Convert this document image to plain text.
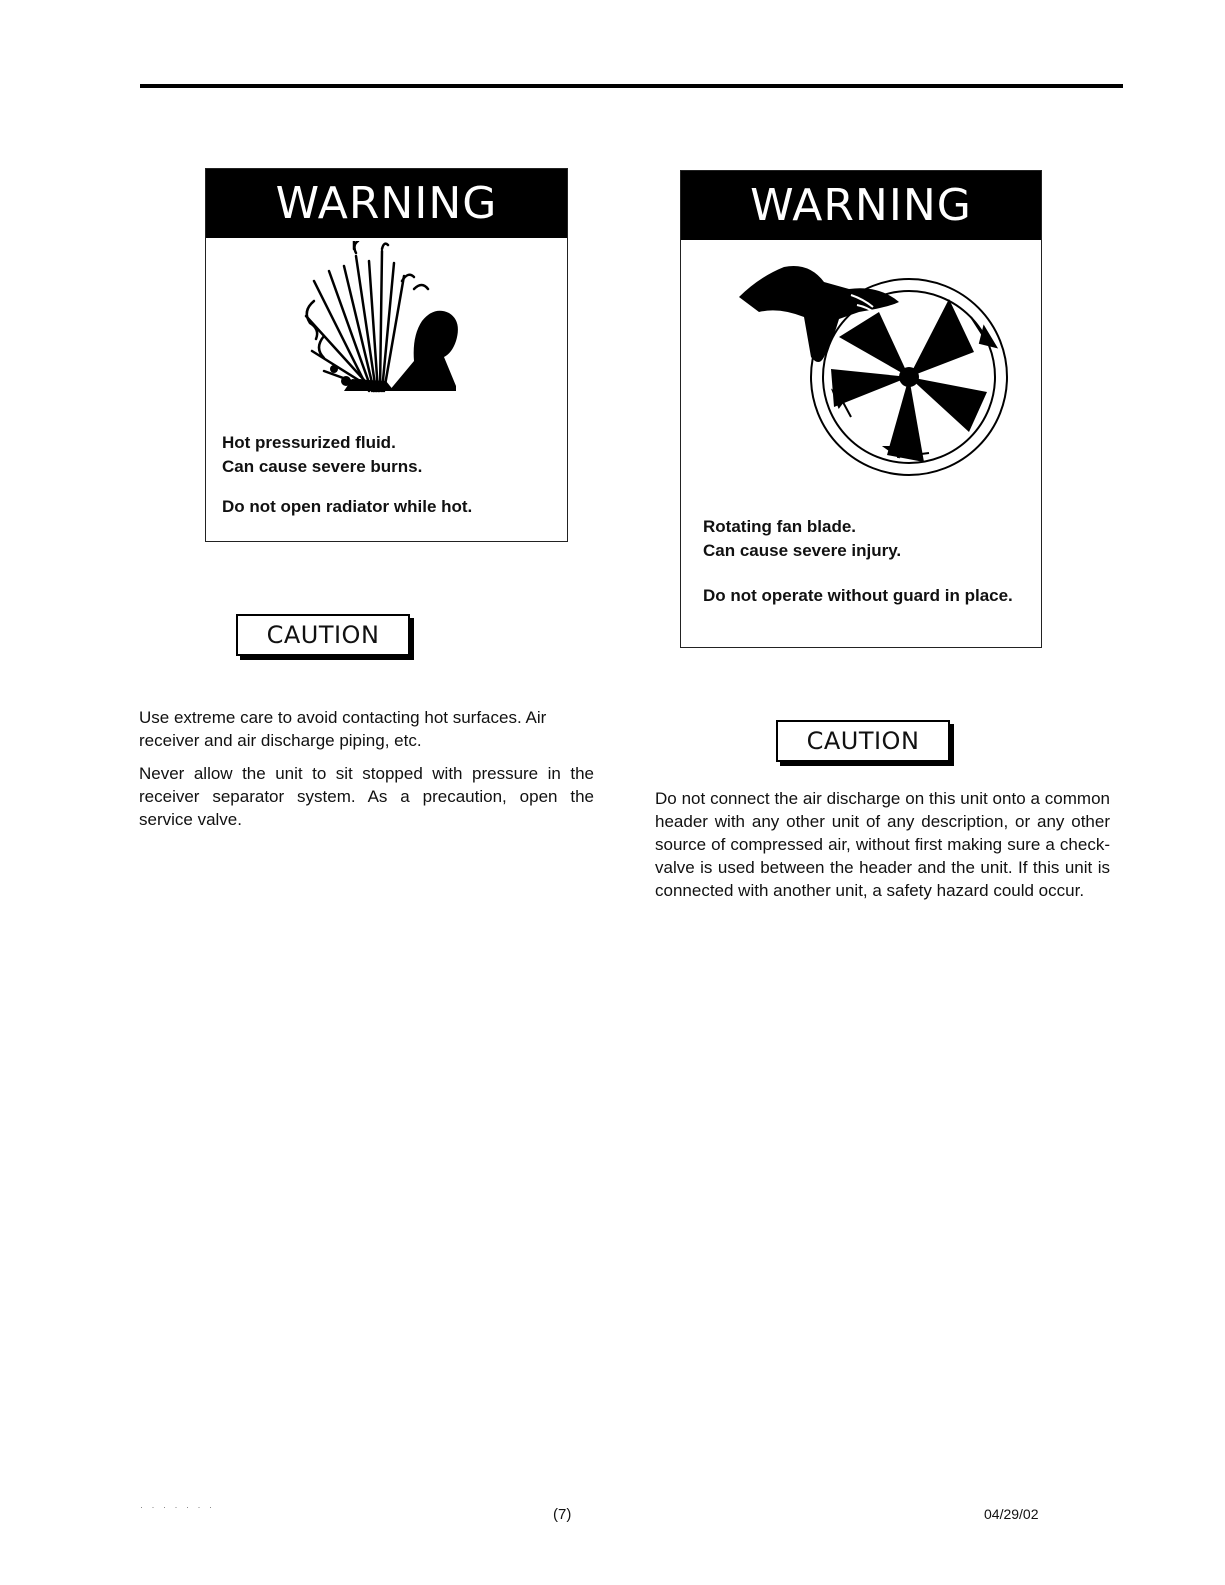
WARNING

Hot pressurized fluid.

Can cause severe burns.

Do not open radiator while hot.

WARNING

Rotating fan blade.

Can cause severe injury.

Do not operate without guard in place.

CAUTION

Use extreme care to avoid contacting hot surfaces. Air receiver and air discharge piping, etc.

Never allow the unit to sit stopped with pressure in the receiver separator system. As a precaution, open the service valve.

CAUTION

Do not connect the air discharge on this unit onto a common header with any other unit of any description, or any other source of compressed air, without first making sure a check-valve is used between the header and the unit. If this unit is connected with another unit, a safety hazard could occur.

· · · · · · ·	(7)	04/29/02
